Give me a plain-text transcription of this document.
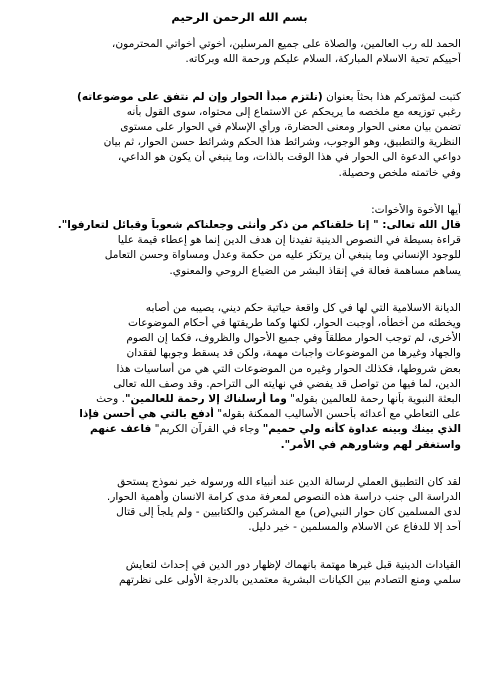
بسم الله الرحمن الرحيم

الحمد لله رب العالمين، والصلاة على جميع المرسلين، أخوتي أخواتي المحترمون،
أحييكم تحية الاسلام المباركة، السلام عليكم ورحمة الله وبركاته.

كتبت لمؤتمركم هذا بحثاً بعنوان (نلتزم مبدأ الحوار وإن لم نتفق على موضوعاته)
رغبي توزيعه مع ملخصه ما يريحكم عن الاستماع إلى محتواه، سوى القول بأنه
تضمن بيان معنى الحوار ومعنى الحضارة، ورأي الإسلام في الحوار على مستوى
النظرية والتطبيق، وهو الوجوب، وشرائط هذا الحكم وشرائط حسن الحوار، ثم بيان
دواعي الدعوة الى الحوار في هذا الوقت بالذات، وما ينبغي أن يكون هو الداعي،
وفي خاتمته ملخص وحصيلة.

أيها الأخوة والأخوات:
قال الله تعالى: " إنا خلقناكم من ذكر وأنثى وجعلناكم شعوباً وقبائل لتعارفوا".
قراءة بسيطة في النصوص الدينية تفيدنا إن هدف الدين إنما هو إعطاء قيمة عليا
للوجود الإنساني وما ينبغي أن يرتكز عليه من حكمة وعدل ومساواة وحسن التعامل
يساهم مساهمة فعالة في إنقاذ البشر من الضياع الروحي والمعنوي.

الديانة الاسلامية التي لها في كل واقعة حياتية حكم ديني، يصيبه من أصابه
ويخطئه من أخطأه، أوجبت الحوار، لكنها وكما طريقتها في أحكام الموضوعات
الأخرى، لم توجب الحوار مطلقاً وفي جميع الأحوال والظروف، فكما إن الصوم
والجهاد وغيرها من الموضوعات واجبات مهمة، ولكن قد يسقط وجوبها لفقدان
بعض شروطها، فكذلك الحوار وغيره من الموضوعات التي هي من أساسيات هذا
الدين، لما فيها من تواصل قد يفضي في نهايته الى التراحم. وقد وصف الله تعالى
البعثة النبوية بأنها رحمة للعالمين بقوله" وما أرسلناك إلا رحمة للعالمين". وحث
على التعاطي مع أعدائه بأحسن الأساليب الممكنة بقوله" أدفع بالتي هي أحسن فإذا
الذي بينك وبينه عداوة كأنه ولي حميم" وجاء في القرآن الكريم" فاعف عنهم
واستغفر لهم وشاورهم في الأمر".

لقد كان التطبيق العملي لرسالة الدين عند أنبياء الله ورسوله خير نموذج يستحق
الدراسة الى جنب دراسة هذه النصوص لمعرفة مدى كرامة الانسان وأهمية الحوار.
لدى المسلمين كان حوار النبي(ص) مع المشركين والكتابيين - ولم يلجأ إلى قتال
أحد إلا للدفاع عن الاسلام والمسلمين - خير دليل.

القيادات الدينية قبل غيرها مهتمة بانهماك لإظهار دور الدين في إحداث لتعايش
سلمي ومنع التصادم بين الكيانات البشرية معتمدين بالدرجة الأولى على نظرتهم
